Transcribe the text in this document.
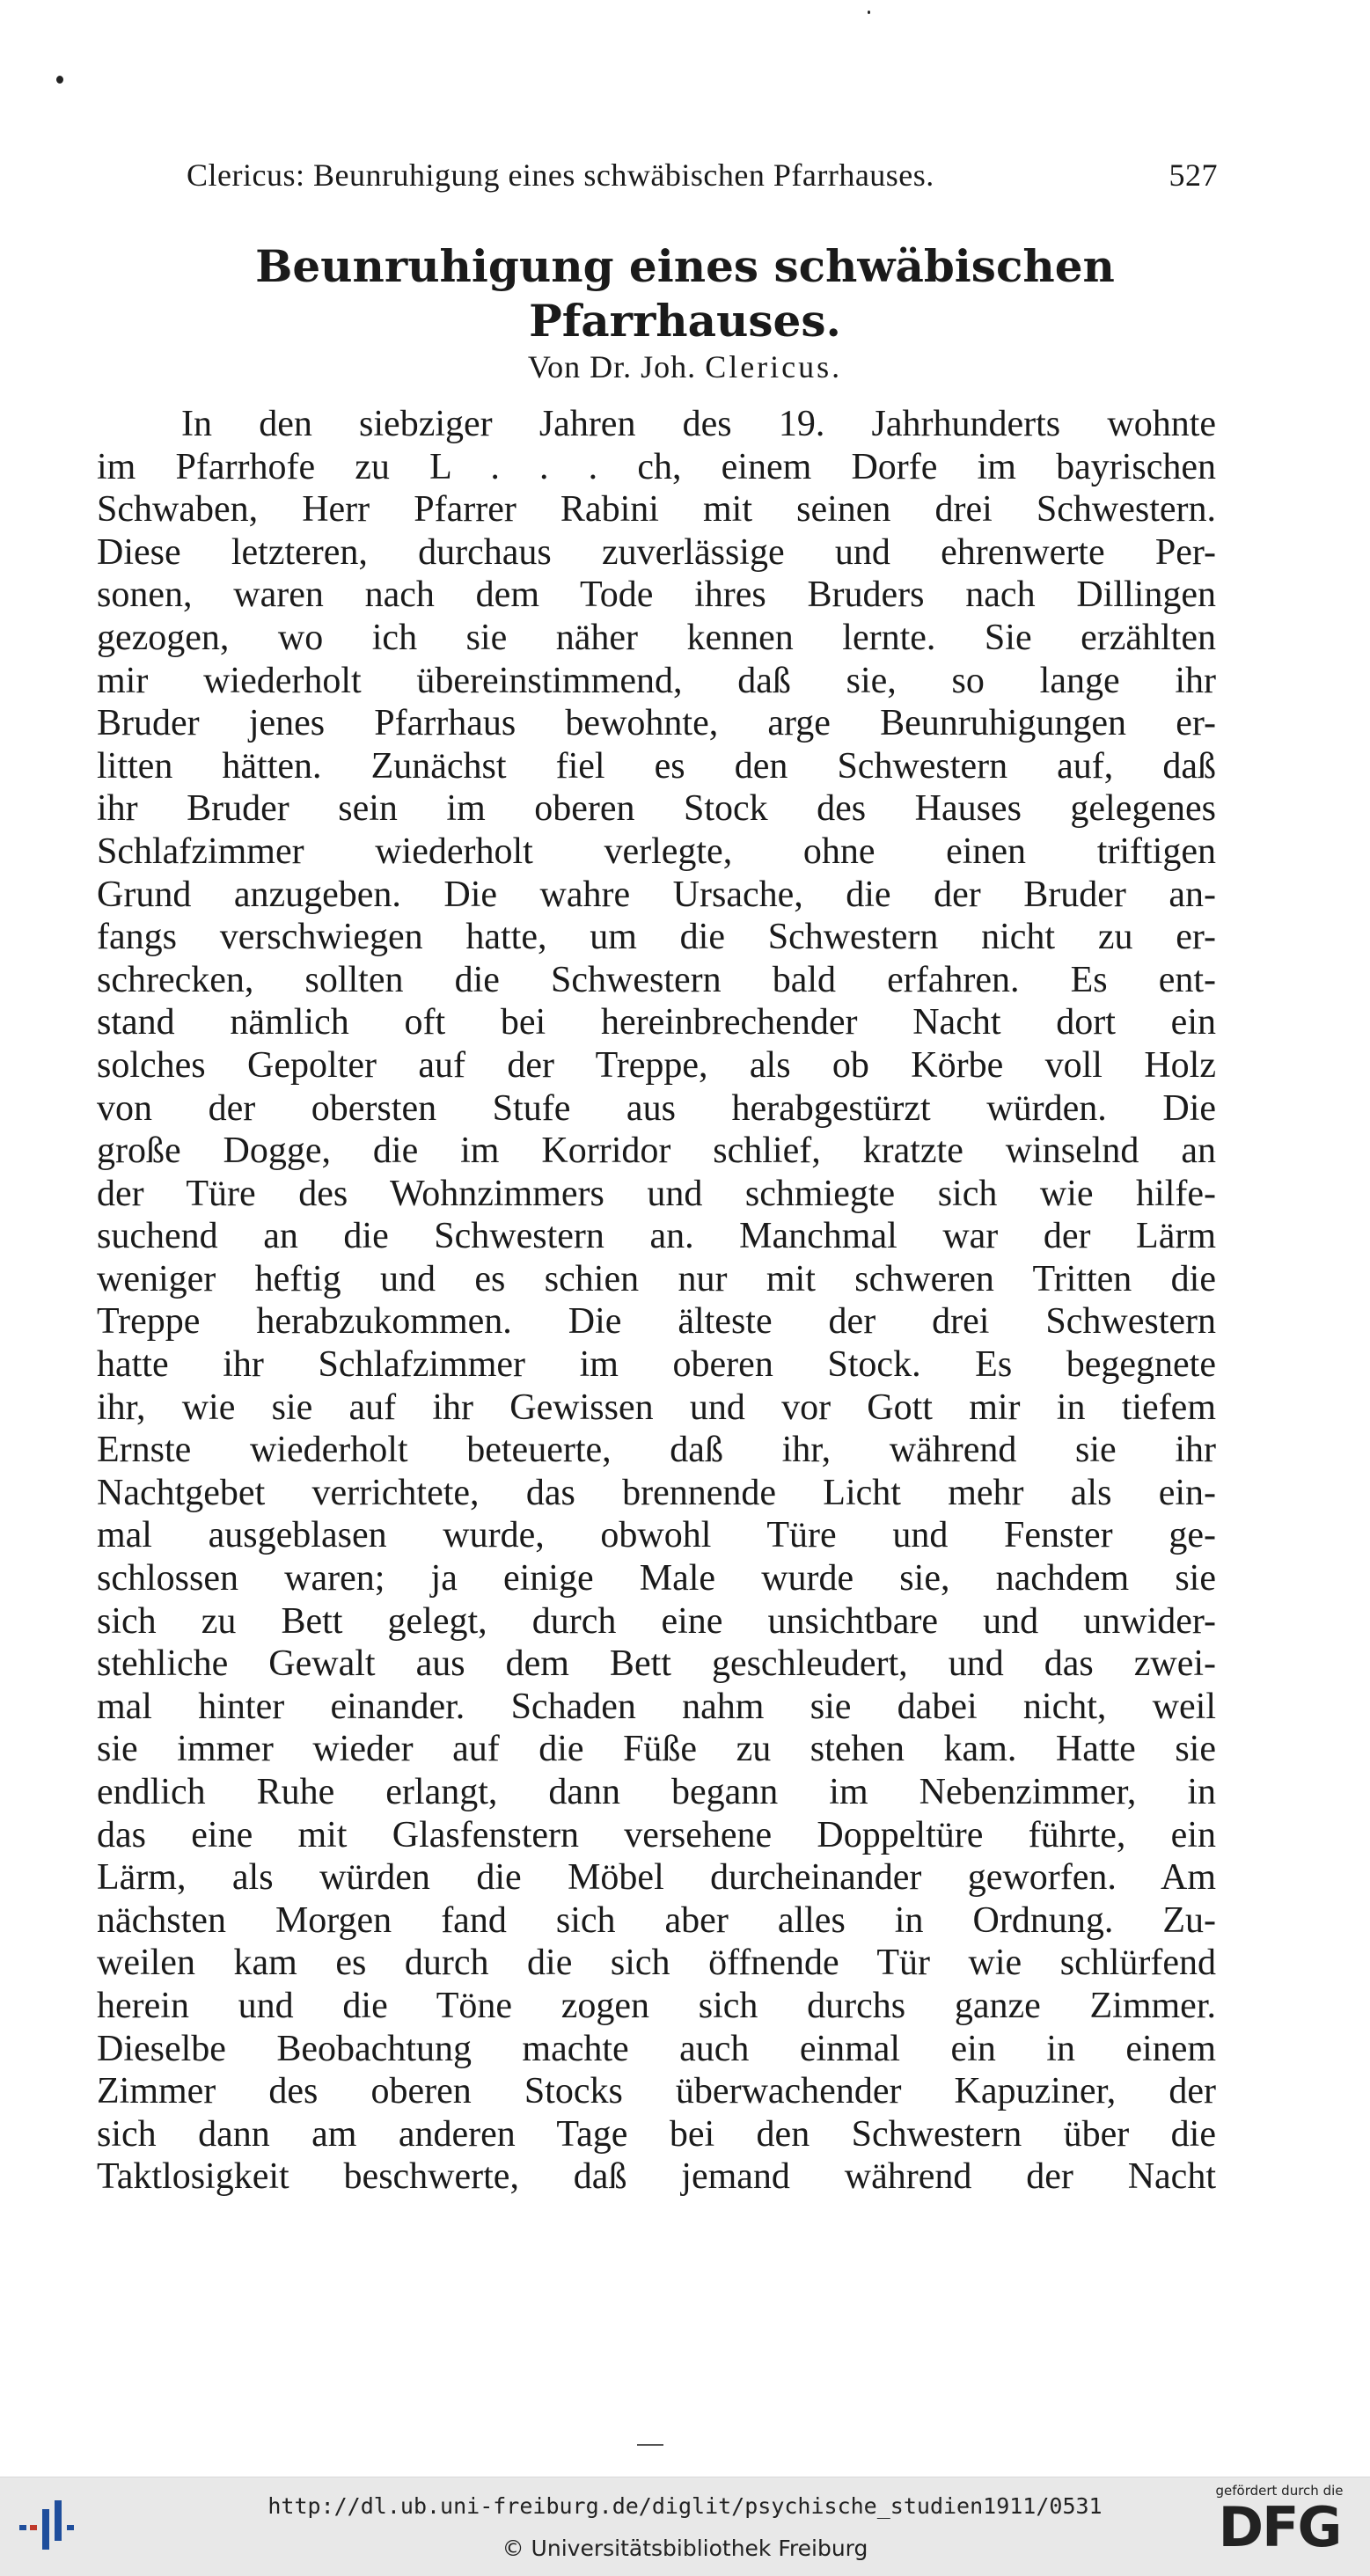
Clericus: Beunruhigung eines schwäbischen Pfarrhauses.	527
Beunruhigung eines schwäbischen
Pfarrhauses.
Von Dr. Joh. Clericus.
In den siebziger Jahren des 19. Jahrhunderts wohnte
im Pfarrhofe zu L . . . ch, einem Dorfe im bayrischen
Schwaben, Herr Pfarrer Rabini mit seinen drei Schwestern.
Diese letzteren, durchaus zuverlässige und ehrenwerte Per-
sonen, waren nach dem Tode ihres Bruders nach Dillingen
gezogen, wo ich sie näher kennen lernte. Sie erzählten
mir wiederholt übereinstimmend, daß sie, so lange ihr
Bruder jenes Pfarrhaus bewohnte, arge Beunruhigungen er-
litten hätten. Zunächst fiel es den Schwestern auf, daß
ihr Bruder sein im oberen Stock des Hauses gelegenes
Schlafzimmer wiederholt verlegte, ohne einen triftigen
Grund anzugeben. Die wahre Ursache, die der Bruder an-
fangs verschwiegen hatte, um die Schwestern nicht zu er-
schrecken, sollten die Schwestern bald erfahren. Es ent-
stand nämlich oft bei hereinbrechender Nacht dort ein
solches Gepolter auf der Treppe, als ob Körbe voll Holz
von der obersten Stufe aus herabgestürzt würden. Die
große Dogge, die im Korridor schlief, kratzte winselnd an
der Türe des Wohnzimmers und schmiegte sich wie hilfe-
suchend an die Schwestern an. Manchmal war der Lärm
weniger heftig und es schien nur mit schweren Tritten die
Treppe herabzukommen. Die älteste der drei Schwestern
hatte ihr Schlafzimmer im oberen Stock. Es begegnete
ihr, wie sie auf ihr Gewissen und vor Gott mir in tiefem
Ernste wiederholt beteuerte, daß ihr, während sie ihr
Nachtgebet verrichtete, das brennende Licht mehr als ein-
mal ausgeblasen wurde, obwohl Türe und Fenster ge-
schlossen waren; ja einige Male wurde sie, nachdem sie
sich zu Bett gelegt, durch eine unsichtbare und unwider-
stehliche Gewalt aus dem Bett geschleudert, und das zwei-
mal hinter einander. Schaden nahm sie dabei nicht, weil
sie immer wieder auf die Füße zu stehen kam. Hatte sie
endlich Ruhe erlangt, dann begann im Nebenzimmer, in
das eine mit Glasfenstern versehene Doppeltüre führte, ein
Lärm, als würden die Möbel durcheinander geworfen. Am
nächsten Morgen fand sich aber alles in Ordnung. Zu-
weilen kam es durch die sich öffnende Tür wie schlürfend
herein und die Töne zogen sich durchs ganze Zimmer.
Dieselbe Beobachtung machte auch einmal ein in einem
Zimmer des oberen Stocks überwachender Kapuziner, der
sich dann am anderen Tage bei den Schwestern über die
Taktlosigkeit beschwerte, daß jemand während der Nacht
http://dl.ub.uni-freiburg.de/diglit/psychische_studien1911/0531
© Universitätsbibliothek Freiburg
gefördert durch die
DFG
